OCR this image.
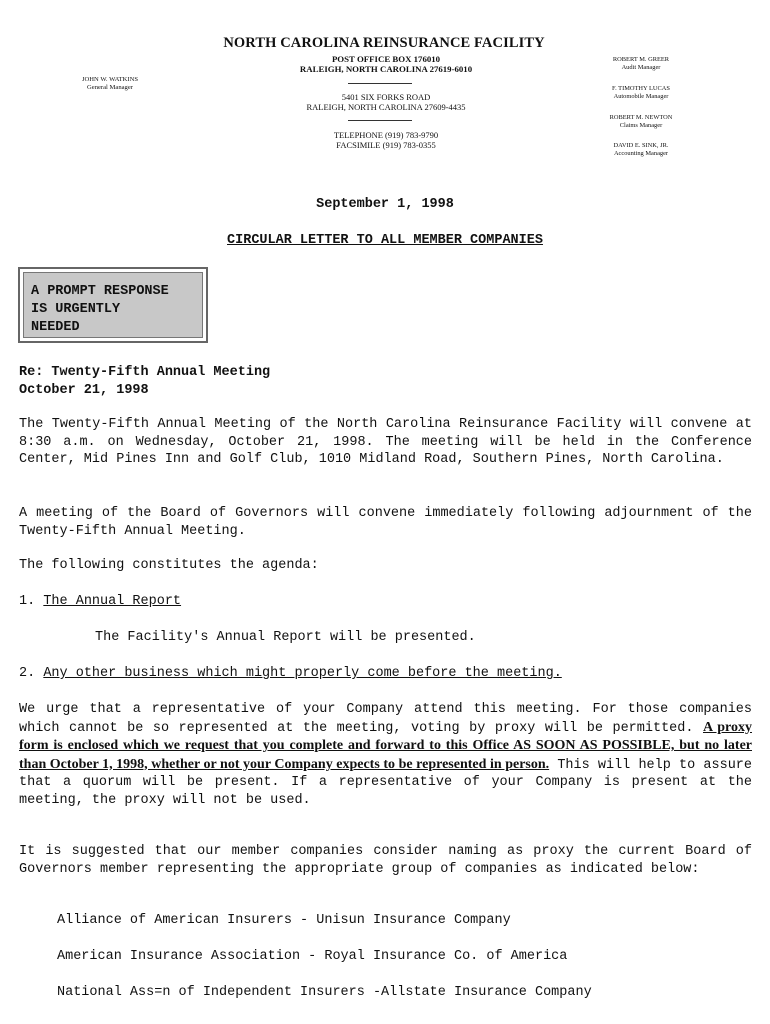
NORTH CAROLINA REINSURANCE FACILITY
POST OFFICE BOX 176010
RALEIGH, NORTH CAROLINA 27619-6010
5401 SIX FORKS ROAD
RALEIGH, NORTH CAROLINA 27609-4435
TELEPHONE (919) 783-9790
FACSIMILE (919) 783-0355
JOHN W. WATKINS
General Manager
ROBERT M. GREER
Audit Manager
F. TIMOTHY LUCAS
Automobile Manager
ROBERT M. NEWTON
Claims Manager
DAVID E. SINK, JR.
Accounting Manager
September 1, 1998
CIRCULAR LETTER TO ALL MEMBER COMPANIES
A PROMPT RESPONSE
IS URGENTLY
NEEDED
Re: Twenty-Fifth Annual Meeting
October 21, 1998
The Twenty-Fifth Annual Meeting of the North Carolina Reinsurance Facility will convene at 8:30 a.m. on Wednesday, October 21, 1998. The meeting will be held in the Conference Center, Mid Pines Inn and Golf Club, 1010 Midland Road, Southern Pines, North Carolina.
A meeting of the Board of Governors will convene immediately following adjournment of the Twenty-Fifth Annual Meeting.
The following constitutes the agenda:
1. The Annual Report
The Facility's Annual Report will be presented.
2. Any other business which might properly come before the meeting.
We urge that a representative of your Company attend this meeting. For those companies which cannot be so represented at the meeting, voting by proxy will be permitted. A proxy form is enclosed which we request that you complete and forward to this Office AS SOON AS POSSIBLE, but no later than October 1, 1998, whether or not your Company expects to be represented in person. This will help to assure that a quorum will be present. If a representative of your Company is present at the meeting, the proxy will not be used.
It is suggested that our member companies consider naming as proxy the current Board of Governors member representing the appropriate group of companies as indicated below:
Alliance of American Insurers - Unisun Insurance Company
American Insurance Association - Royal Insurance Co. of America
National Ass=n of Independent Insurers -Allstate Insurance Company
